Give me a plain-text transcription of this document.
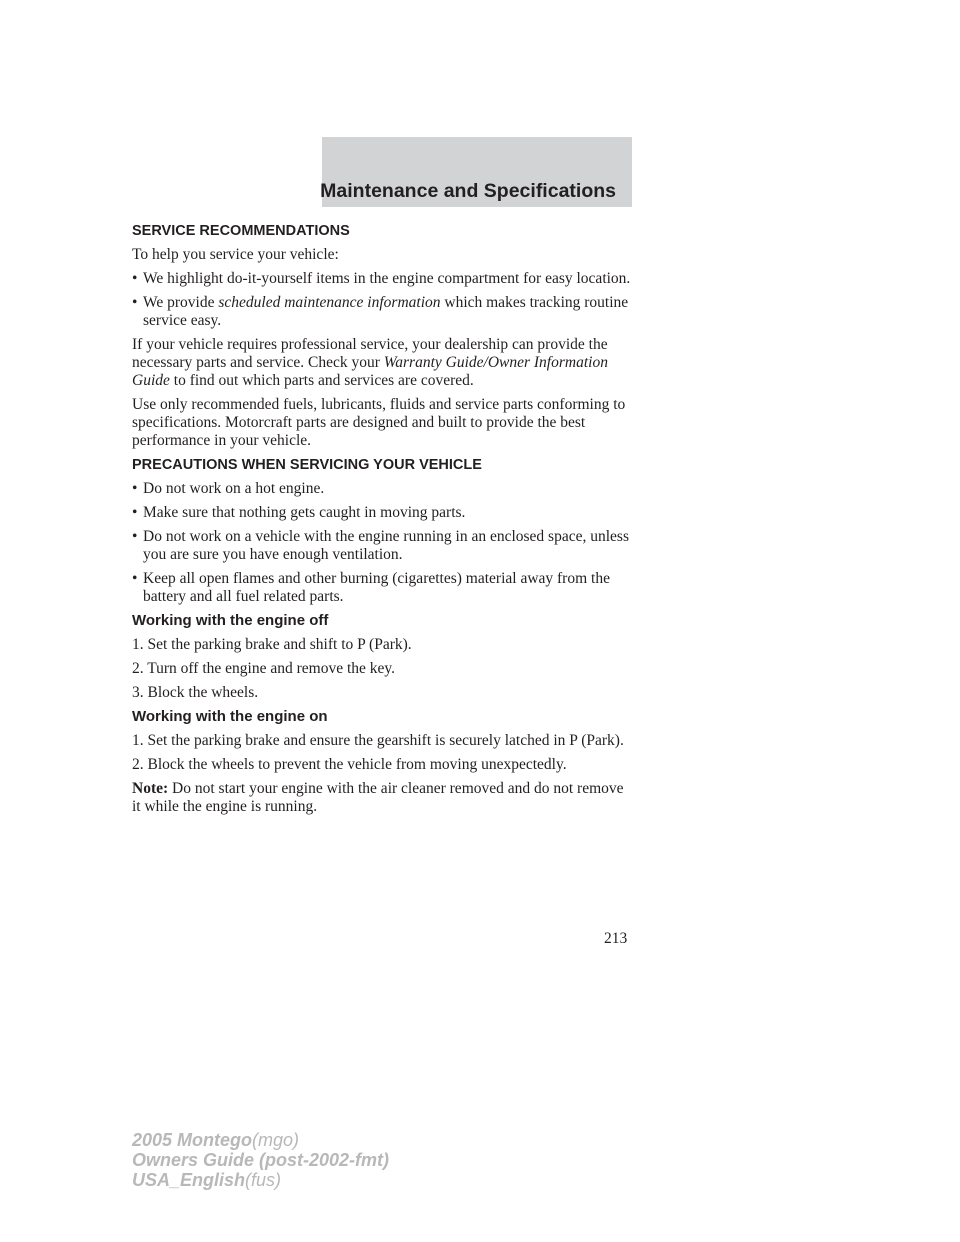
Maintenance and Specifications
SERVICE RECOMMENDATIONS
To help you service your vehicle:
• We highlight do-it-yourself items in the engine compartment for easy location.
• We provide scheduled maintenance information which makes tracking routine service easy.
If your vehicle requires professional service, your dealership can provide the necessary parts and service. Check your Warranty Guide/Owner Information Guide to find out which parts and services are covered.
Use only recommended fuels, lubricants, fluids and service parts conforming to specifications. Motorcraft parts are designed and built to provide the best performance in your vehicle.
PRECAUTIONS WHEN SERVICING YOUR VEHICLE
• Do not work on a hot engine.
• Make sure that nothing gets caught in moving parts.
• Do not work on a vehicle with the engine running in an enclosed space, unless you are sure you have enough ventilation.
• Keep all open flames and other burning (cigarettes) material away from the battery and all fuel related parts.
Working with the engine off
1. Set the parking brake and shift to P (Park).
2. Turn off the engine and remove the key.
3. Block the wheels.
Working with the engine on
1. Set the parking brake and ensure the gearshift is securely latched in P (Park).
2. Block the wheels to prevent the vehicle from moving unexpectedly.
Note: Do not start your engine with the air cleaner removed and do not remove it while the engine is running.
213
2005 Montego(mgo)
Owners Guide (post-2002-fmt)
USA_English(fus)
